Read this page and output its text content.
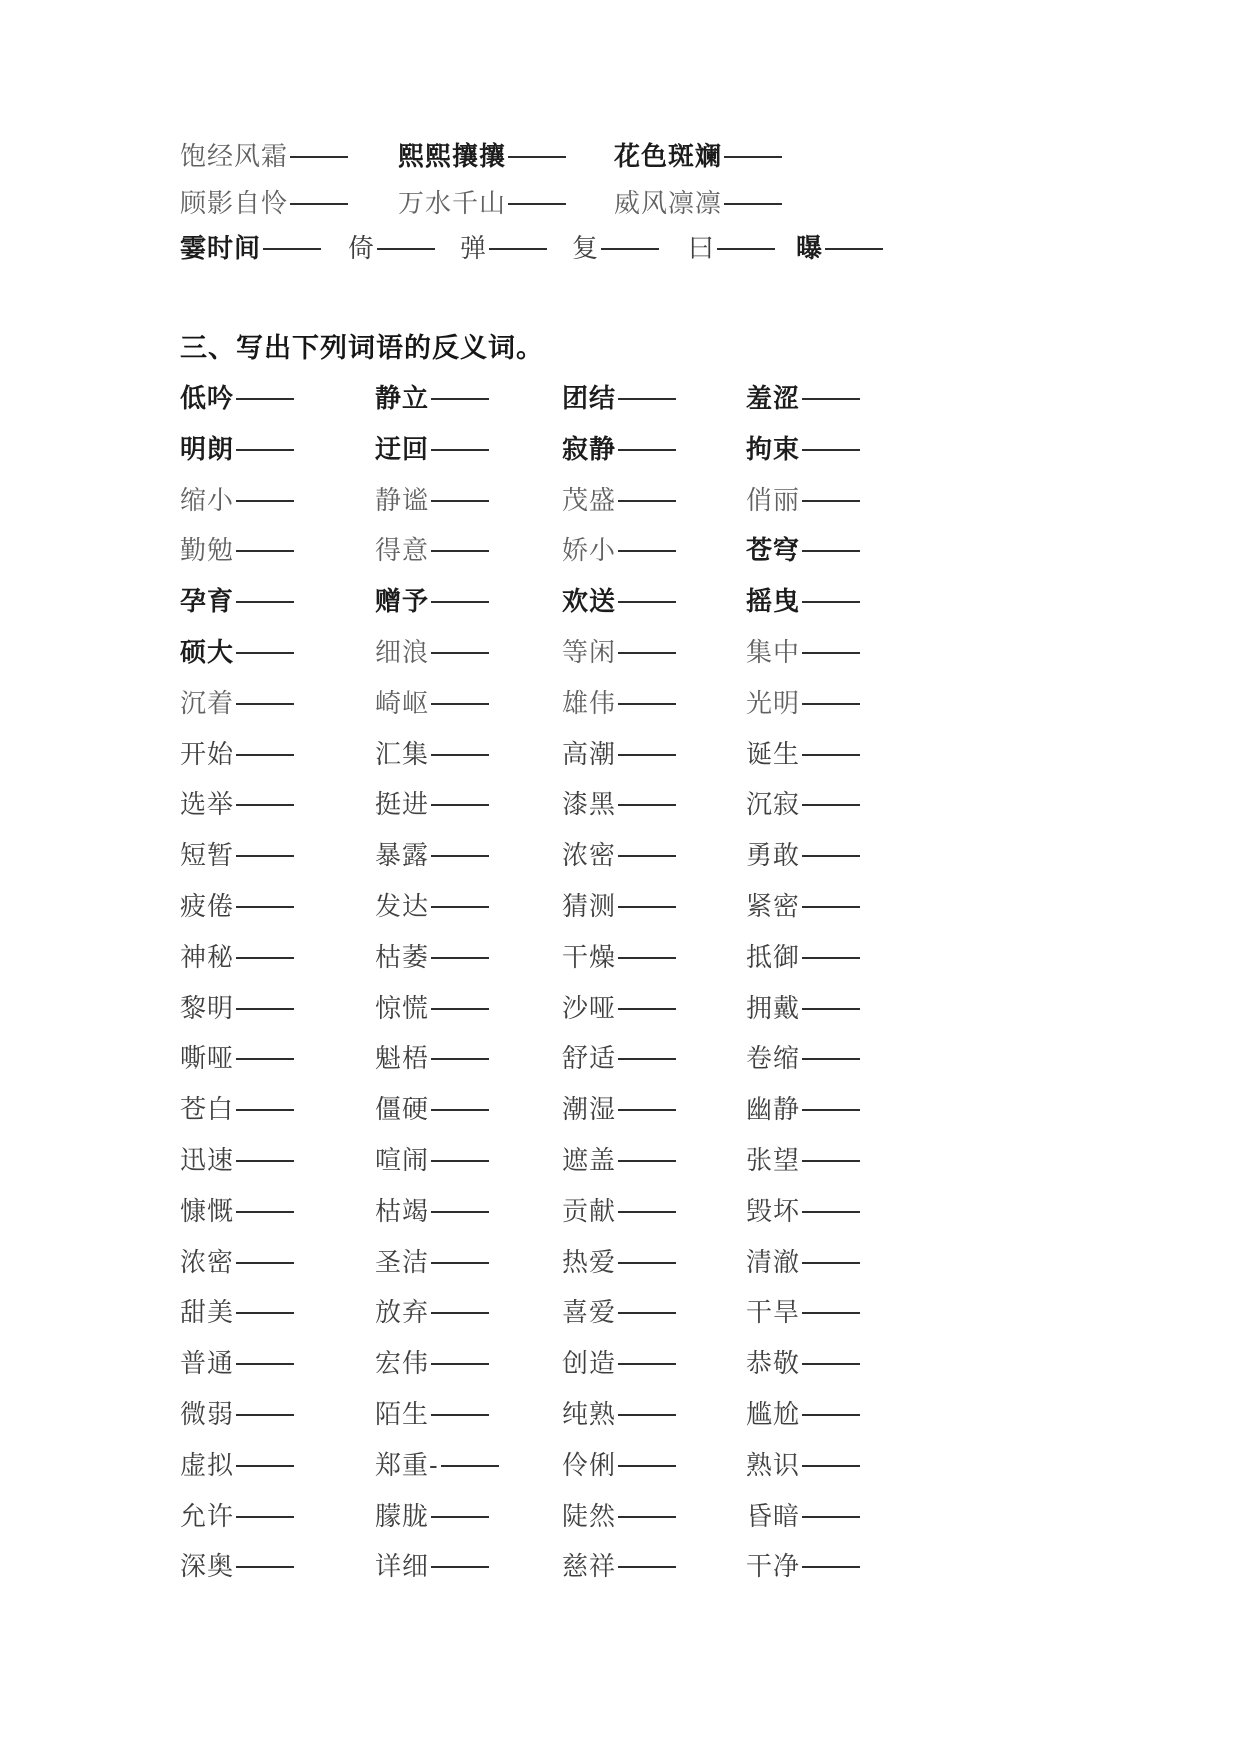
饱经风霜	熙熙攘攘	花色斑斓
顾影自怜	万水千山	威风凛凛
霎时间	倚	弹	复	曰	曝
三、写出下列词语的反义词。
低吟	静立	团结	羞涩
明朗	迂回	寂静	拘束
缩小	静谧	茂盛	俏丽
勤勉	得意	娇小	苍穹
孕育	赠予	欢送	摇曳
硕大	细浪	等闲	集中
沉着	崎岖	雄伟	光明
开始	汇集	高潮	诞生
选举	挺进	漆黑	沉寂
短暂	暴露	浓密	勇敢
疲倦	发达	猜测	紧密
神秘	枯萎	干燥	抵御
黎明	惊慌	沙哑	拥戴
嘶哑	魁梧	舒适	卷缩
苍白	僵硬	潮湿	幽静
迅速	喧闹	遮盖	张望
慷慨	枯竭	贡献	毁坏
浓密	圣洁	热爱	清澈
甜美	放弃	喜爱	干旱
普通	宏伟	创造	恭敬
微弱	陌生	纯熟	尴尬
虚拟	郑重-	伶俐	熟识
允许	朦胧	陡然	昏暗
深奥	详细	慈祥	干净
